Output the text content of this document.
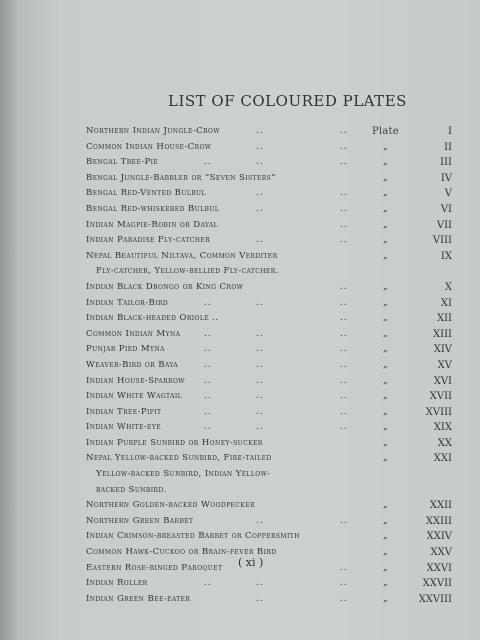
LIST OF COLOURED PLATES
Northern Indian Jungle-Crow	..	.. Plate	I
Common Indian House-Crow	..	..	„	II
Bengal Tree-Pie	..	..	..	„	III
Bengal Jungle-Babbler or “Seven Sisters”	„	IV
Bengal Red-Vented Bulbul	..	..	„	V
Bengal Red-whiskered Bulbul	..	..	„	VI
Indian Magpie-Robin or Dayal	..	„	VII
Indian Paradise Fly-catcher	..	..	„	VIII
Nepal Beautiful Niltava, Common Verditer
Fly-catcher, Yellow-bellied Fly-catcher.
„	IX
Indian Black Drongo or King Crow	..	„	X
Indian Tailor-Bird	..	..	..	„	XI
Indian Black-headed Oriole ..	..	„	XII
Common Indian Myna	..	..	..	„	XIII
Punjab Pied Myna	..	..	..	„	XIV
Weaver-Bird or Baya	..	..	..	„	XV
Indian House-Sparrow	..	..	..	„	XVI
Indian White Wagtail	..	..	..	„	XVII
Indian Tree-Pipit	..	..	..	„	XVIII
Indian White-eye	..	..	..	„	XIX
Indian Purple Sunbird or Honey-sucker	„	XX
Nepal Yellow-backed Sunbird, Fire-tailed
Yellow-backed Sunbird, Indian Yellow-
backed Sunbird.
„	XXI
Northern Golden-backed Woodpecker	„	XXII
Northern Green Barbet	..	..	„	XXIII
Indian Crimson-breasted Barbet or Coppersmith	„	XXIV
Common Hawk-Cuckoo or Brain-fever Bird	„	XXV
Eastern Rose-ringed Paroquet	..	„	XXVI
Indian Roller	..	..	..	„	XXVII
Indian Green Bee-eater	..	..	„	XXVIII
( xi )
